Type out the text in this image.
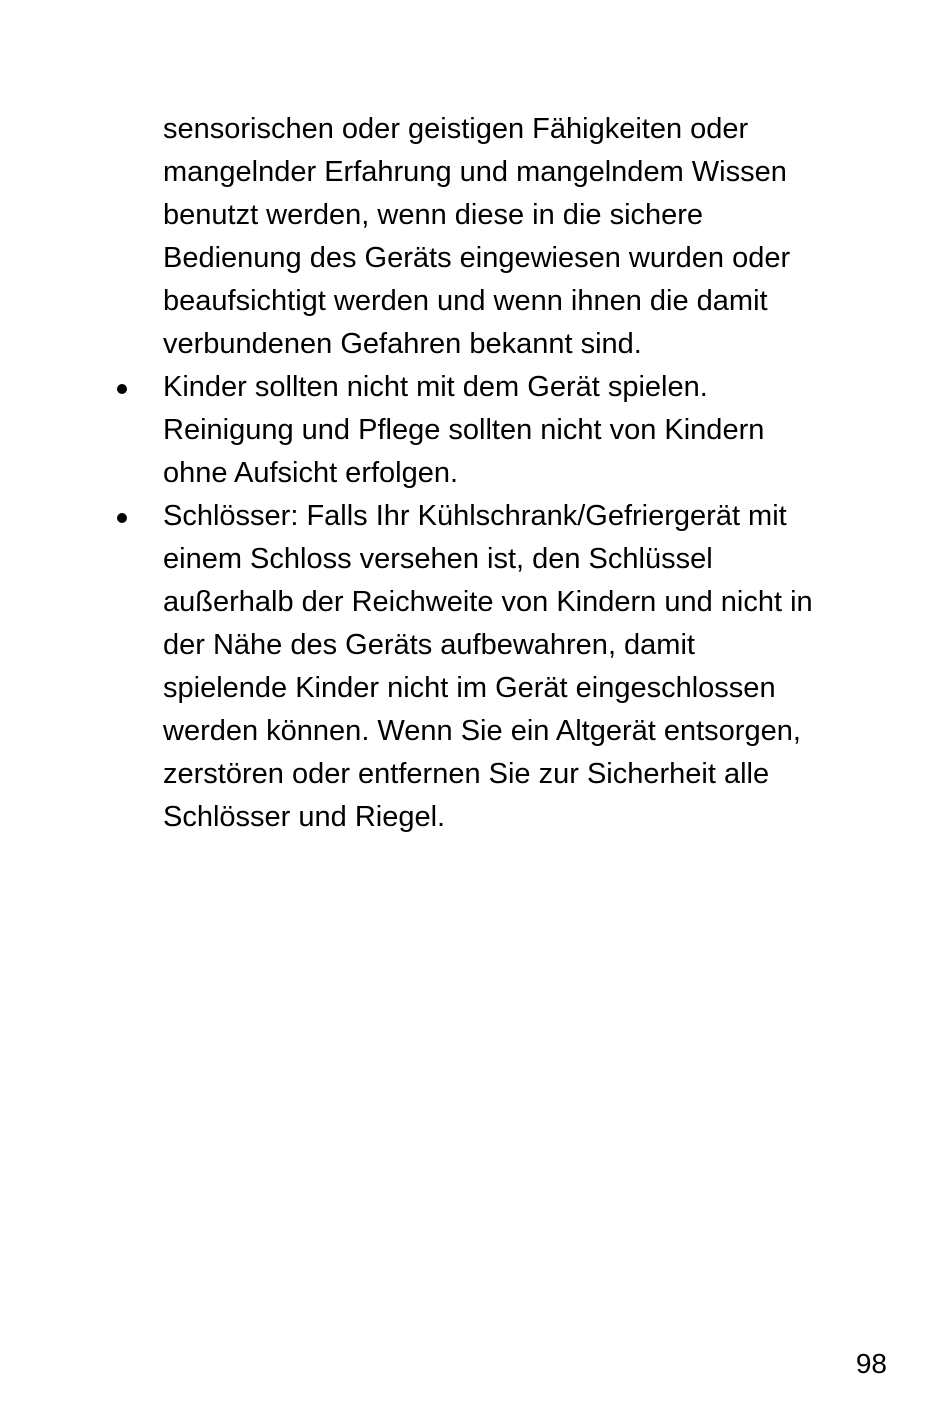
sensorischen oder geistigen Fähigkeiten oder
mangelnder Erfahrung und mangelndem Wissen
benutzt werden, wenn diese in die sichere
Bedienung des Geräts eingewiesen wurden oder
beaufsichtigt werden und wenn ihnen die damit
verbundenen Gefahren bekannt sind.
Kinder sollten nicht mit dem Gerät spielen.
Reinigung und Pflege sollten nicht von Kindern
ohne Aufsicht erfolgen.
Schlösser: Falls Ihr Kühlschrank/Gefriergerät mit
einem Schloss versehen ist, den Schlüssel
außerhalb der Reichweite von Kindern und nicht in
der Nähe des Geräts aufbewahren, damit
spielende Kinder nicht im Gerät eingeschlossen
werden können. Wenn Sie ein Altgerät entsorgen,
zerstören oder entfernen Sie zur Sicherheit alle
Schlösser und Riegel.
98
